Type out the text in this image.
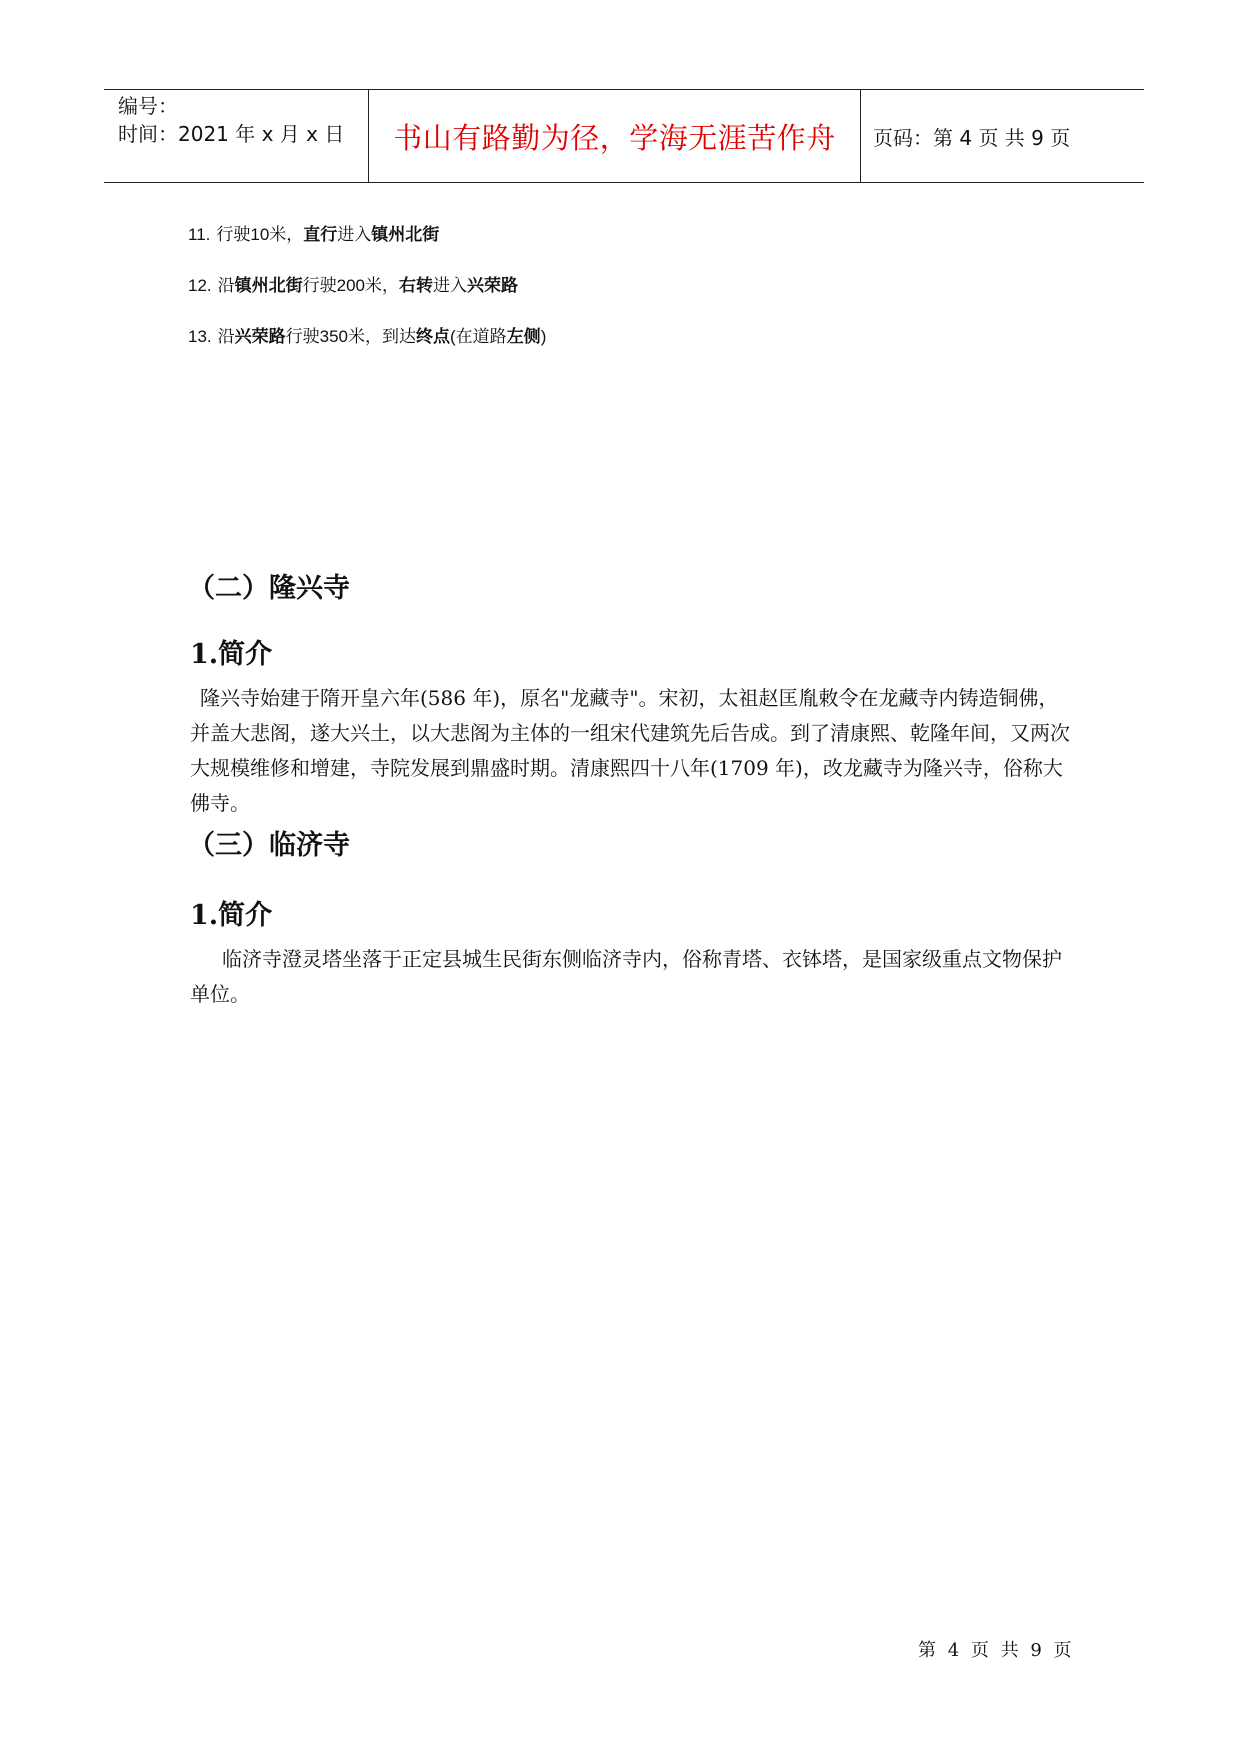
编号：
时间：2021 年 x 月 x 日	书山有路勤为径，学海无涯苦作舟	页码：第 4 页 共 9 页
11. 行驶10米，直行进入镇州北街
12. 沿镇州北街行驶200米，右转进入兴荣路
13. 沿兴荣路行驶350米，到达终点(在道路左侧)
（二）隆兴寺
1.简介
隆兴寺始建于隋开皇六年(586 年)，原名"龙藏寺"。宋初，太祖赵匡胤敕令在龙藏寺内铸造铜佛，并盖大悲阁，遂大兴土，以大悲阁为主体的一组宋代建筑先后告成。到了清康熙、乾隆年间，又两次大规模维修和增建，寺院发展到鼎盛时期。清康熙四十八年(1709 年)，改龙藏寺为隆兴寺，俗称大佛寺。
（三）临济寺
1.简介
临济寺澄灵塔坐落于正定县城生民街东侧临济寺内，俗称青塔、衣钵塔，是国家级重点文物保护单位。
第 4 页 共 9 页
